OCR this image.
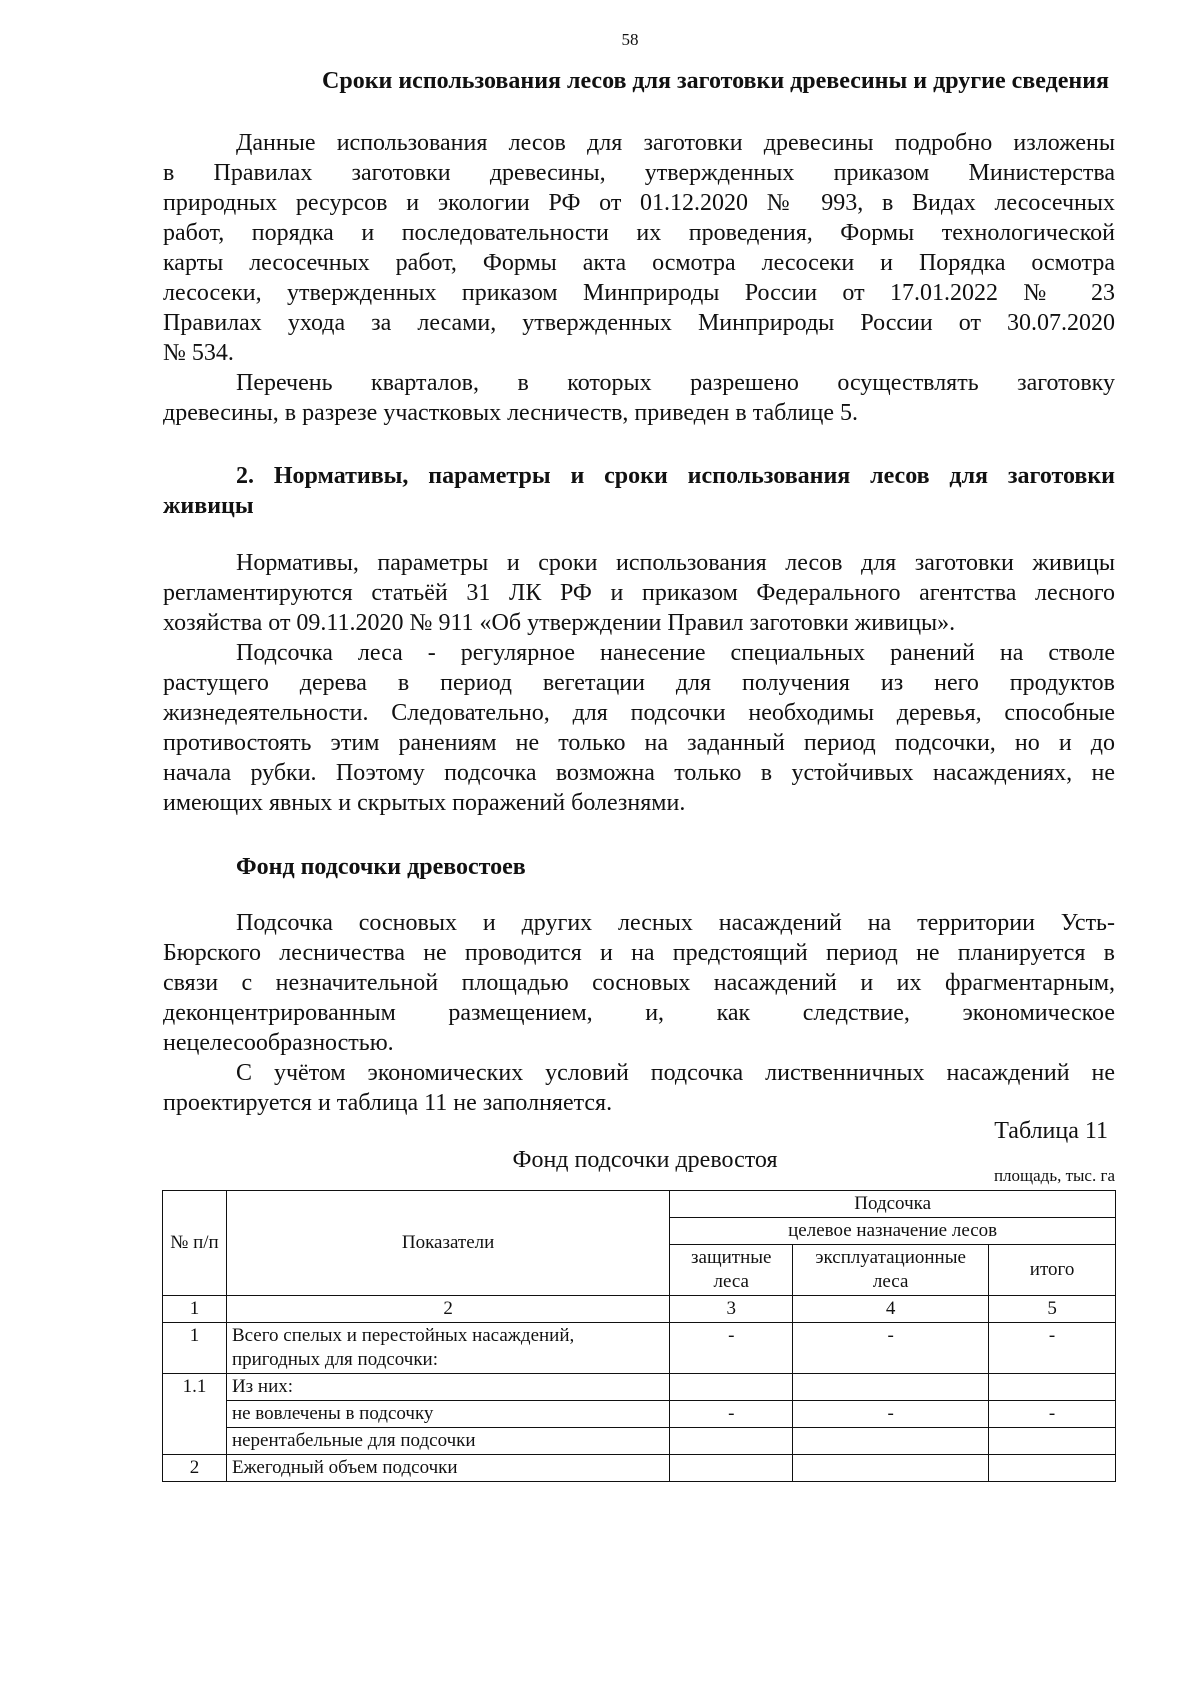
58
Сроки использования лесов для заготовки древесины и другие сведения
Данные использования лесов для заготовки древесины подробно изложены
в Правилах заготовки древесины, утвержденных приказом Министерства
природных ресурсов и экологии РФ от 01.12.2020 № 993, в Видах лесосечных
работ, порядка и последовательности их проведения, Формы технологической
карты лесосечных работ, Формы акта осмотра лесосеки и Порядка осмотра
лесосеки, утвержденных приказом Минприроды России от 17.01.2022 № 23
Правилах ухода за лесами, утвержденных Минприроды России от 30.07.2020
№ 534.
Перечень кварталов, в которых разрешено осуществлять заготовку
древесины, в разрезе участковых лесничеств, приведен в таблице 5.
2. Нормативы, параметры и сроки использования лесов для заготовки
живицы
Нормативы, параметры и сроки использования лесов для заготовки живицы
регламентируются статьёй 31 ЛК РФ и приказом Федерального агентства лесного
хозяйства от 09.11.2020 № 911 «Об утверждении Правил заготовки живицы».
Подсочка леса - регулярное нанесение специальных ранений на стволе
растущего дерева в период вегетации для получения из него продуктов
жизнедеятельности. Следовательно, для подсочки необходимы деревья, способные
противостоять этим ранениям не только на заданный период подсочки, но и до
начала рубки. Поэтому подсочка возможна только в устойчивых насаждениях, не
имеющих явных и скрытых поражений болезнями.
Фонд подсочки древостоев
Подсочка сосновых и других лесных насаждений на территории Усть-
Бюрского лесничества не проводится и на предстоящий период не планируется в
связи с незначительной площадью сосновых насаждений и их фрагментарным,
деконцентрированным размещением, и, как следствие, экономическое
нецелесообразностью.
С учётом экономических условий подсочка лиственничных насаждений не
проектируется и таблица 11 не заполняется.
Таблица 11
Фонд подсочки древостоя
площадь, тыс. га
№ п/п	Показатели	Подсочка		
		целевое назначение лесов		
		защитные леса	эксплуатационные леса	итого
1	2	3	4	5
1	Всего спелых и перестойных насаждений, пригодных для подсочки:	-	-	-
1.1	Из них:			
	не вовлечены в подсочку	-	-	-
	нерентабельные для подсочки			
2	Ежегодный объем подсочки			
